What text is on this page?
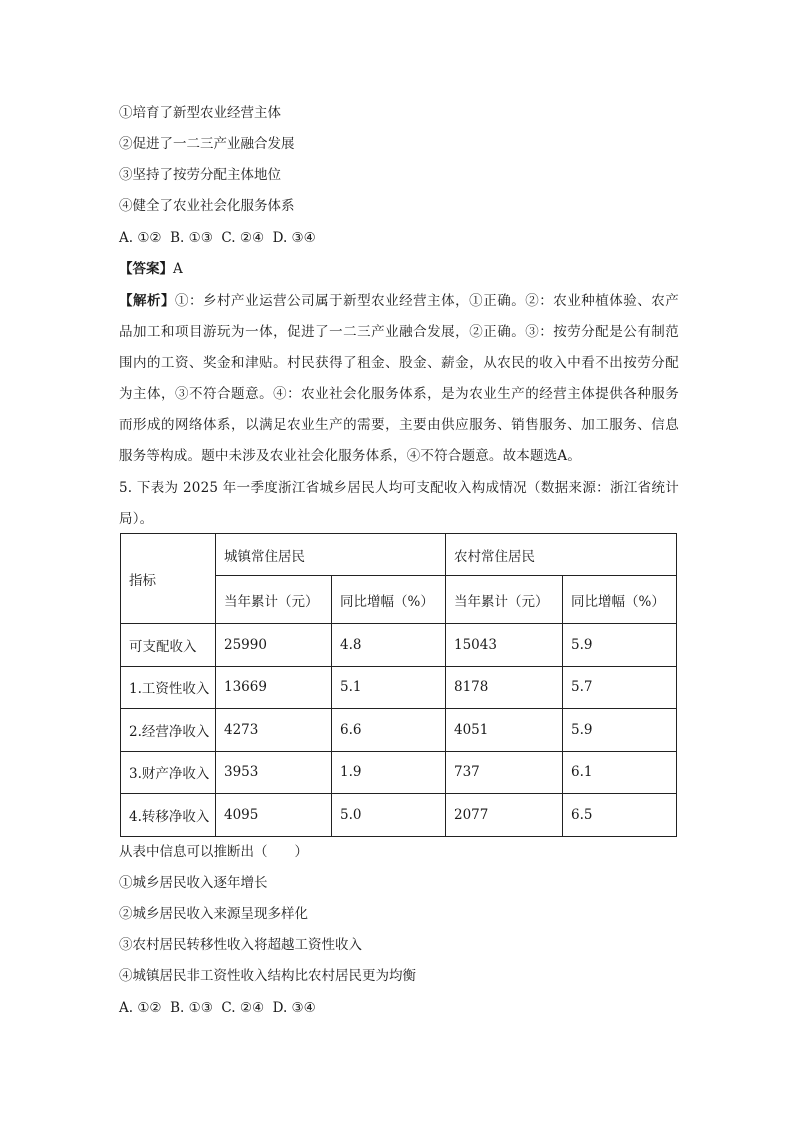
①培育了新型农业经营主体
②促进了一二三产业融合发展
③坚持了按劳分配主体地位
④健全了农业社会化服务体系
A. ①②  B. ①③  C. ②④  D. ③④
【答案】A
【解析】①：乡村产业运营公司属于新型农业经营主体，①正确。②：农业种植体验、农产品加工和项目游玩为一体，促进了一二三产业融合发展，②正确。③：按劳分配是公有制范围内的工资、奖金和津贴。村民获得了租金、股金、薪金，从农民的收入中看不出按劳分配为主体，③不符合题意。④：农业社会化服务体系，是为农业生产的经营主体提供各种服务而形成的网络体系，以满足农业生产的需要，主要由供应服务、销售服务、加工服务、信息服务等构成。题中未涉及农业社会化服务体系，④不符合题意。故本题选A。
5. 下表为 2025 年一季度浙江省城乡居民人均可支配收入构成情况（数据来源：浙江省统计局）。
指标	城镇常住居民		农村常住居民	
	当年累计（元）	同比增幅（%）	当年累计（元）	同比增幅（%）
可支配收入	25990	4.8	15043	5.9
1.工资性收入	13669	5.1	8178	5.7
2.经营净收入	4273	6.6	4051	5.9
3.财产净收入	3953	1.9	737	6.1
4.转移净收入	4095	5.0	2077	6.5
从表中信息可以推断出（　　）
①城乡居民收入逐年增长
②城乡居民收入来源呈现多样化
③农村居民转移性收入将超越工资性收入
④城镇居民非工资性收入结构比农村居民更为均衡
A. ①②  B. ①③  C. ②④  D. ③④
